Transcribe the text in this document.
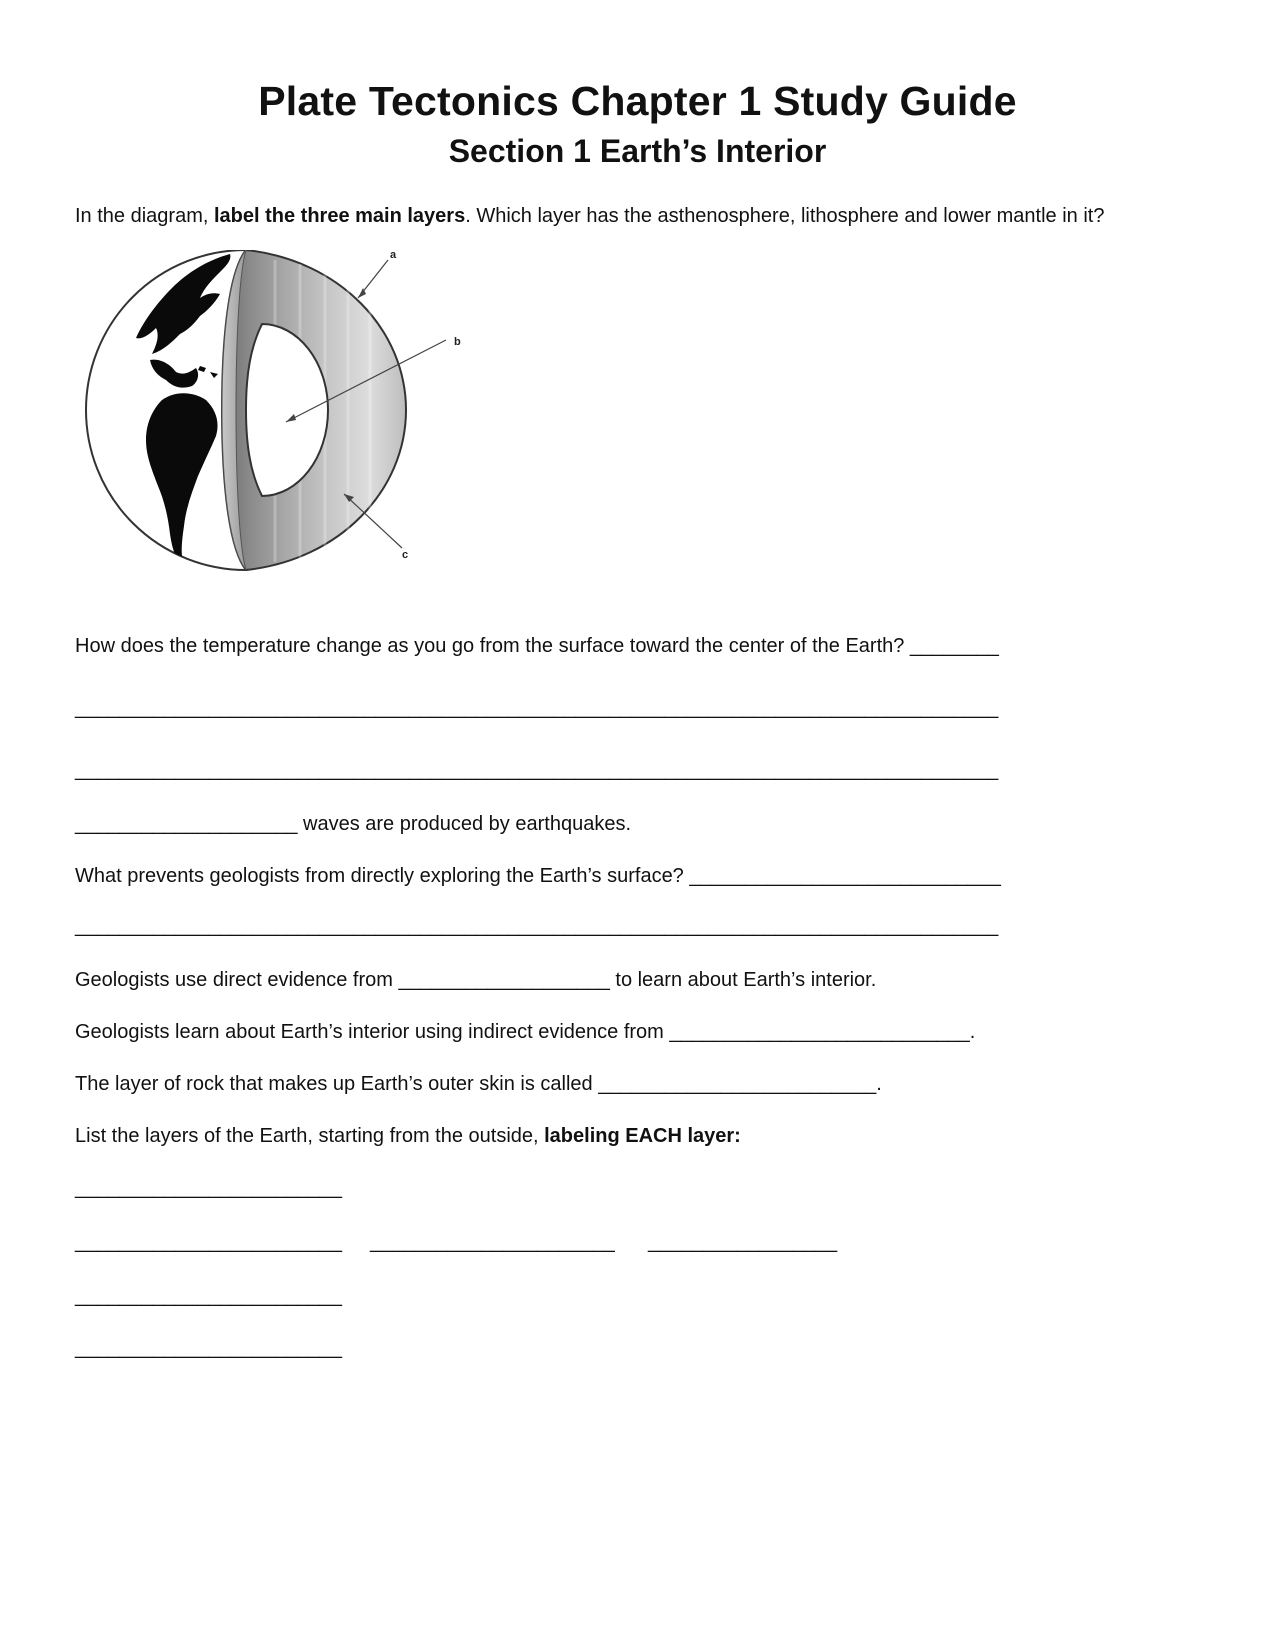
Plate Tectonics Chapter 1 Study Guide
Section 1 Earth’s Interior
In the diagram, label the three main layers. Which layer has the asthenosphere, lithosphere and lower mantle in it?
a
b
c
How does the temperature change as you go from the surface toward the center of the Earth? ________
___________________________________________________________________________________
___________________________________________________________________________________
____________________ waves are produced by earthquakes.
What prevents geologists from directly exploring the Earth’s surface? ____________________________
___________________________________________________________________________________
Geologists use direct evidence from ___________________ to learn about Earth’s interior.
Geologists learn about Earth’s interior using indirect evidence from ___________________________.
The layer of rock that makes up Earth’s outer skin is called _________________________.
List the layers of the Earth, starting from the outside, labeling EACH layer:
________________________
________________________ ______________________ _________________
________________________
________________________
